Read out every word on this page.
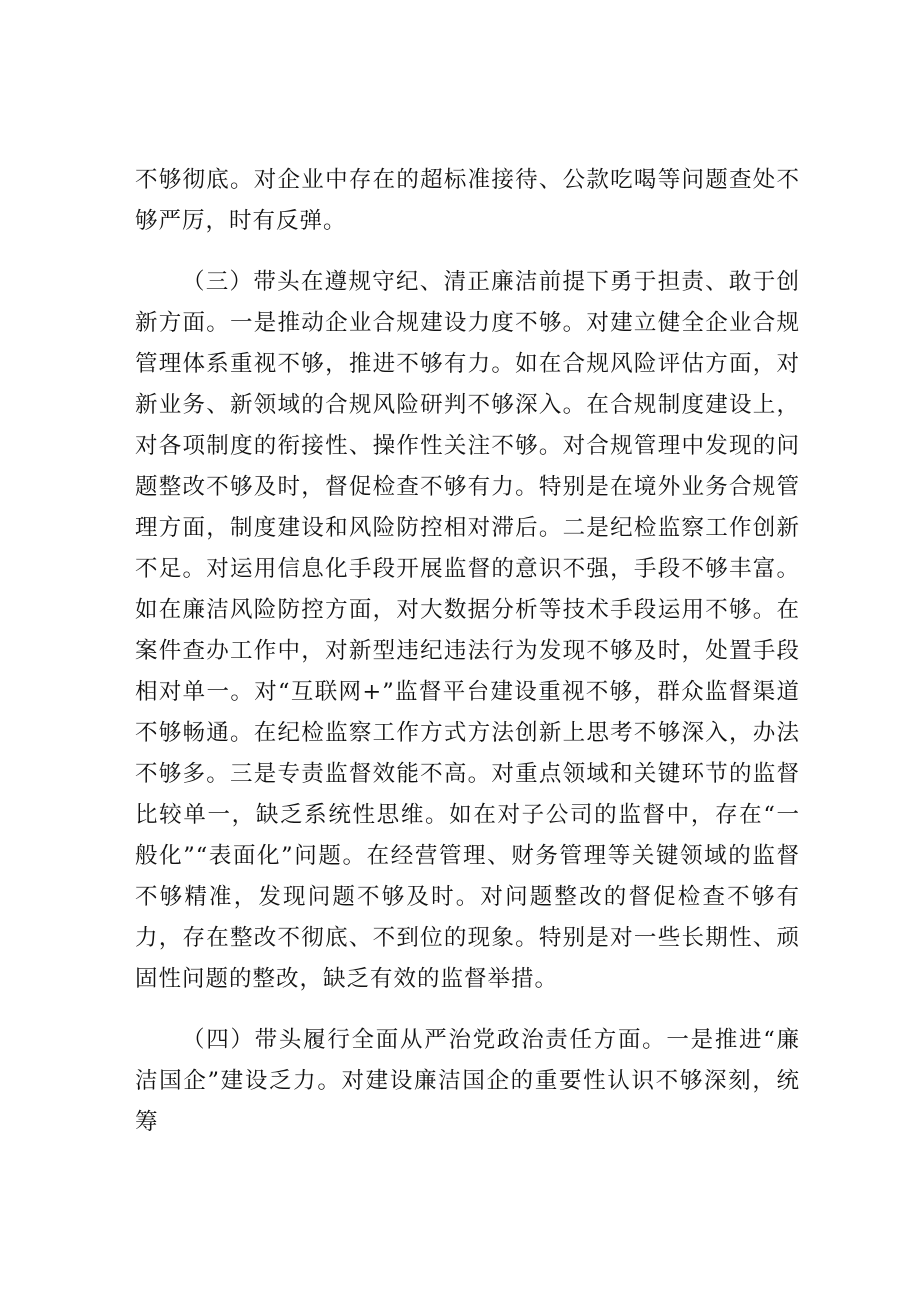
不够彻底。对企业中存在的超标准接待、公款吃喝等问题查处不够严厉，时有反弹。

（三）带头在遵规守纪、清正廉洁前提下勇于担责、敢于创新方面。一是推动企业合规建设力度不够。对建立健全企业合规管理体系重视不够，推进不够有力。如在合规风险评估方面，对新业务、新领域的合规风险研判不够深入。在合规制度建设上，对各项制度的衔接性、操作性关注不够。对合规管理中发现的问题整改不够及时，督促检查不够有力。特别是在境外业务合规管理方面，制度建设和风险防控相对滞后。二是纪检监察工作创新不足。对运用信息化手段开展监督的意识不强，手段不够丰富。如在廉洁风险防控方面，对大数据分析等技术手段运用不够。在案件查办工作中，对新型违纪违法行为发现不够及时，处置手段相对单一。对“互联网+”监督平台建设重视不够，群众监督渠道不够畅通。在纪检监察工作方式方法创新上思考不够深入，办法不够多。三是专责监督效能不高。对重点领域和关键环节的监督比较单一，缺乏系统性思维。如在对子公司的监督中，存在“一般化”“表面化”问题。在经营管理、财务管理等关键领域的监督不够精准，发现问题不够及时。对问题整改的督促检查不够有力，存在整改不彻底、不到位的现象。特别是对一些长期性、顽固性问题的整改，缺乏有效的监督举措。

（四）带头履行全面从严治党政治责任方面。一是推进“廉洁国企”建设乏力。对建设廉洁国企的重要性认识不够深刻，统筹
